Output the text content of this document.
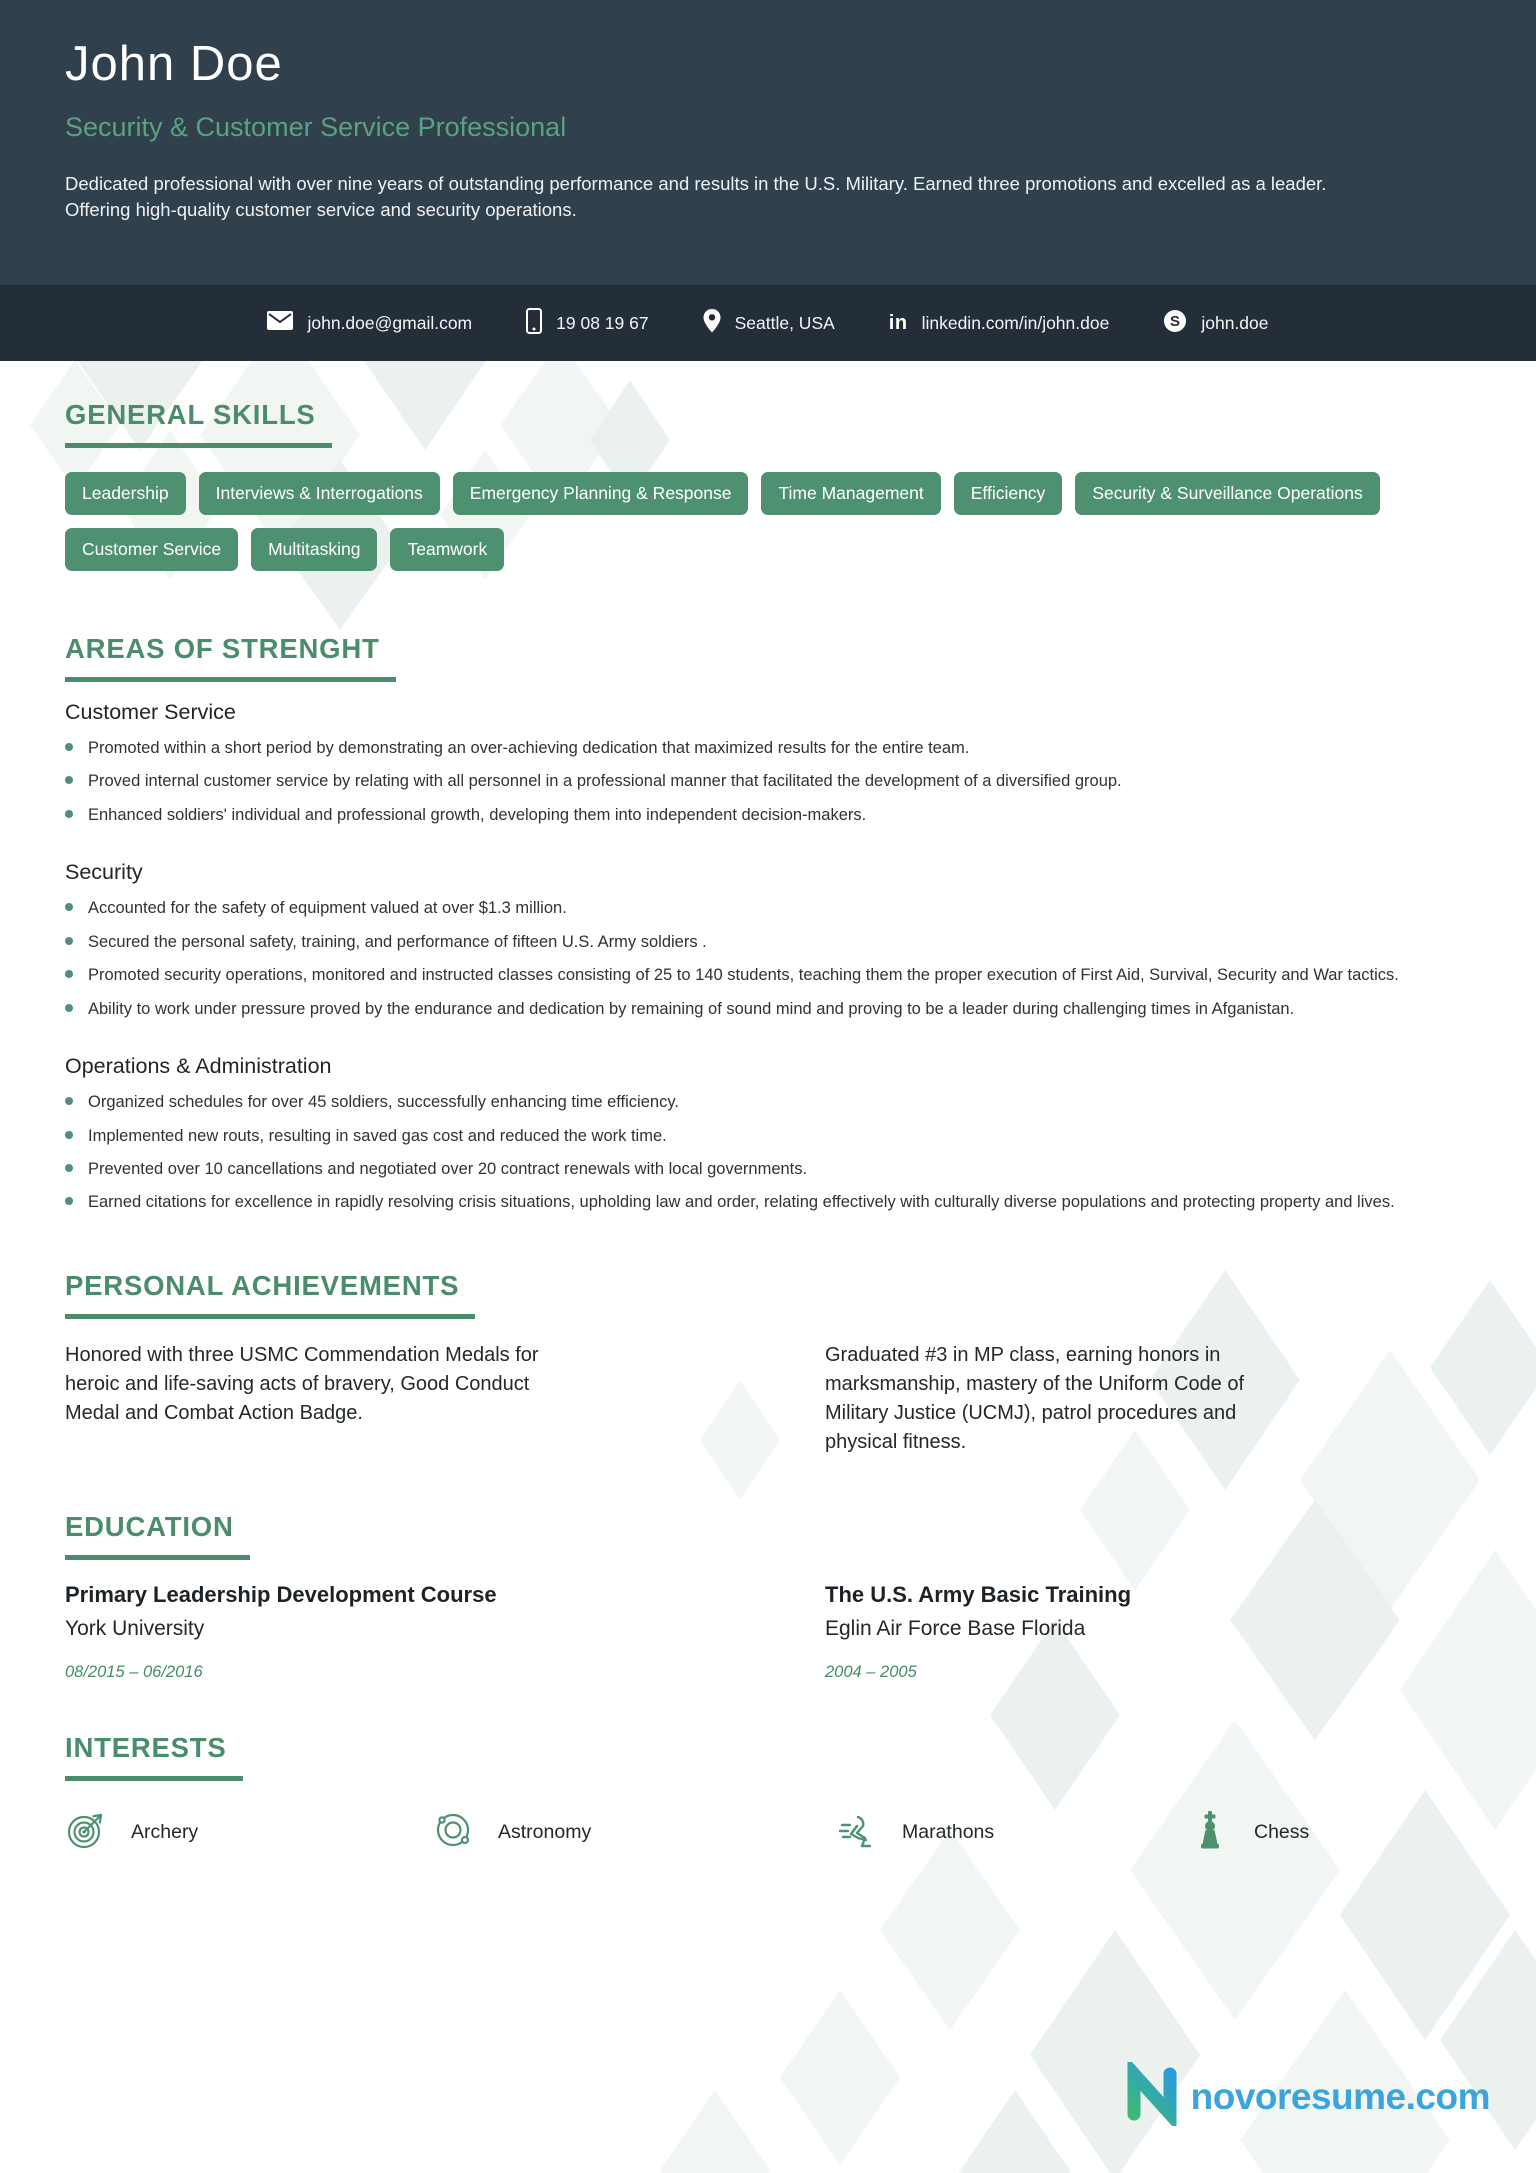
John Doe
Security & Customer Service Professional
Dedicated professional with over nine years of outstanding performance and results in the U.S. Military. Earned three promotions and excelled as a leader. Offering high-quality customer service and security operations.
john.doe@gmail.com	19 08 19 67	Seattle, USA	in linkedin.com/in/john.doe	S john.doe
GENERAL SKILLS
Leadership	Interviews & Interrogations	Emergency Planning & Response	Time Management	Efficiency	Security & Surveillance Operations
Customer Service	Multitasking	Teamwork
AREAS OF STRENGHT
Customer Service
Promoted within a short period by demonstrating an over-achieving dedication that maximized results for the entire team.
Proved internal customer service by relating with all personnel in a professional manner that facilitated the development of a diversified group.
Enhanced soldiers' individual and professional growth, developing them into independent decision-makers.
Security
Accounted for the safety of equipment valued at over $1.3 million.
Secured the personal safety, training, and performance of fifteen U.S. Army soldiers .
Promoted security operations, monitored and instructed classes consisting of 25 to 140 students, teaching them the proper execution of First Aid, Survival, Security and War tactics.
Ability to work under pressure proved by the endurance and dedication by remaining of sound mind and proving to be a leader during challenging times in Afganistan.
Operations & Administration
Organized schedules for over 45 soldiers, successfully enhancing time efficiency.
Implemented new routs, resulting in saved gas cost and reduced the work time.
Prevented over 10 cancellations and negotiated over 20 contract renewals with local governments.
Earned citations for excellence in rapidly resolving crisis situations, upholding law and order, relating effectively with culturally diverse populations and protecting property and lives.
PERSONAL ACHIEVEMENTS
Honored with three USMC Commendation Medals for heroic and life-saving acts of bravery, Good Conduct Medal and Combat Action Badge.
Graduated #3 in MP class, earning honors in marksmanship, mastery of the Uniform Code of Military Justice (UCMJ), patrol procedures and physical fitness.
EDUCATION
Primary Leadership Development Course
York University
08/2015 – 06/2016
The U.S. Army Basic Training
Eglin Air Force Base Florida
2004 – 2005
INTERESTS
Archery	Astronomy	Marathons	Chess
novoresume.com
